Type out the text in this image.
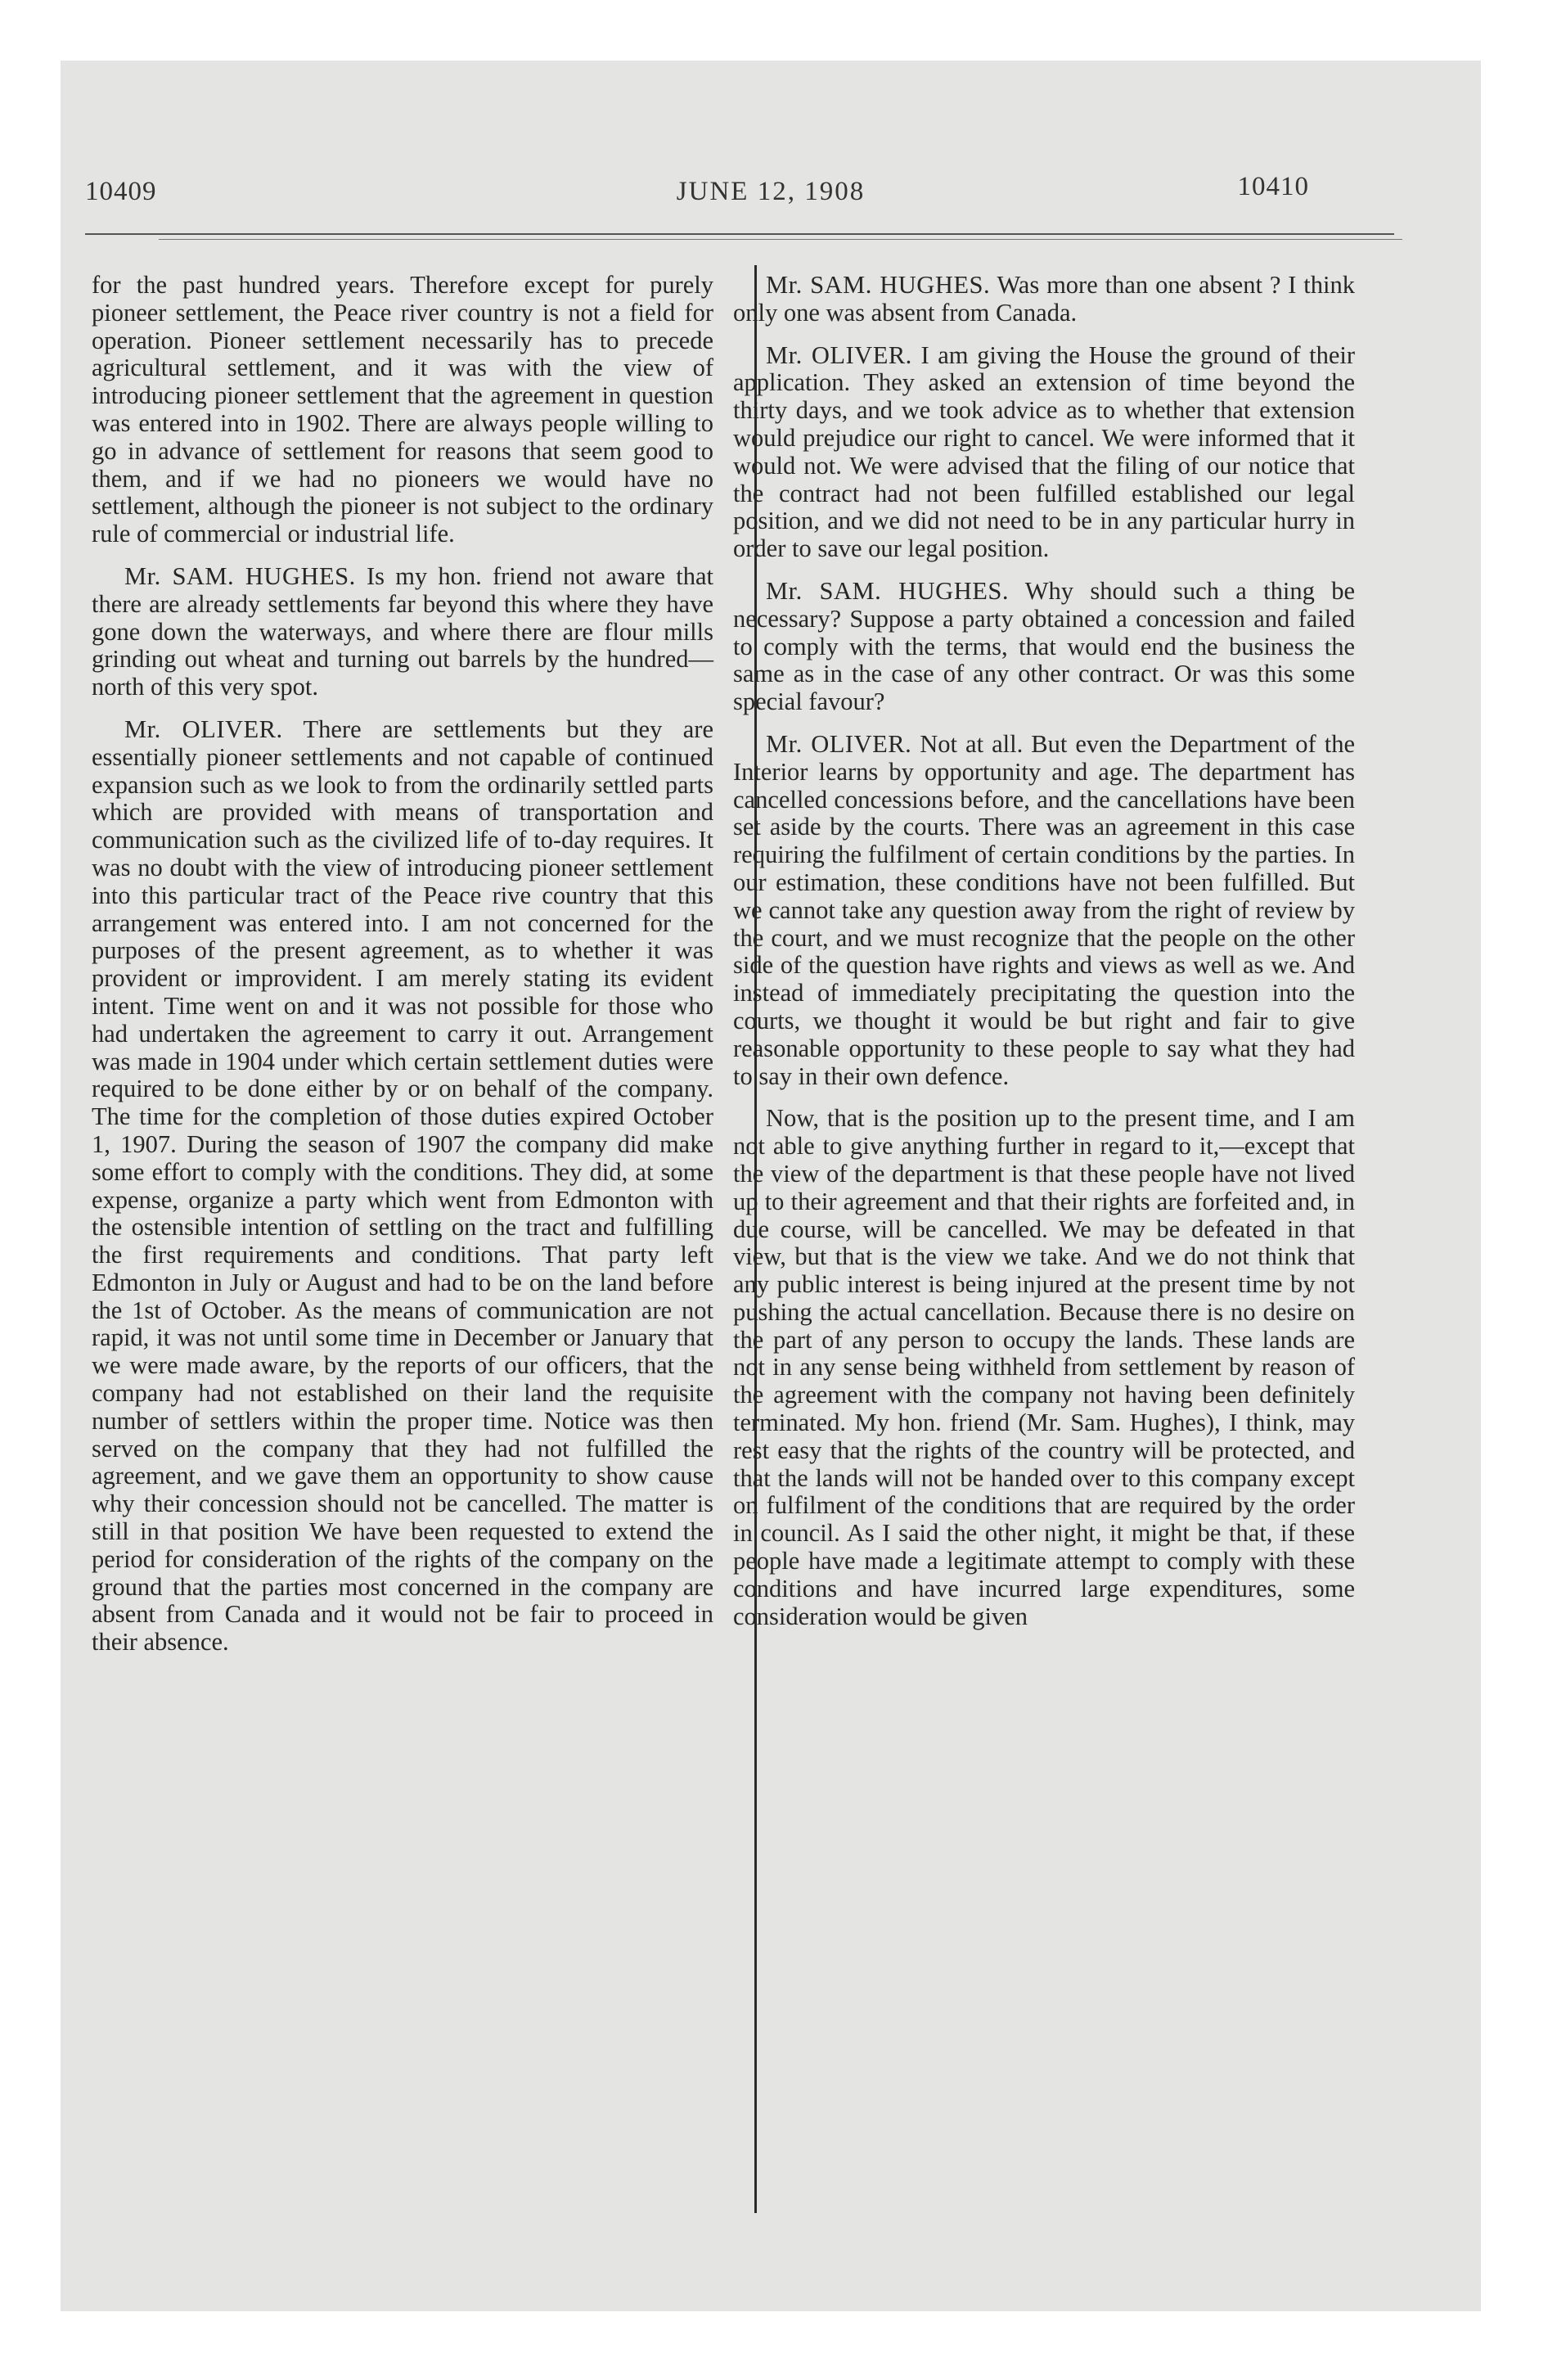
10409	JUNE 12, 1908	10410

for the past hundred years. Therefore except for purely pioneer settlement, the Peace river country is not a field for operation. Pioneer settlement necessarily has to precede agricultural settlement, and it was with the view of introducing pioneer settlement that the agreement in question was entered into in 1902. There are always people willing to go in advance of settlement for reasons that seem good to them, and if we had no pioneers we would have no settlement, although the pioneer is not subject to the ordinary rule of commercial or industrial life.

Mr. SAM. HUGHES. Is my hon. friend not aware that there are already settlements far beyond this where they have gone down the waterways, and where there are flour mills grinding out wheat and turning out barrels by the hundred—north of this very spot.

Mr. OLIVER. There are settlements but they are essentially pioneer settlements and not capable of continued expansion such as we look to from the ordinarily settled parts which are provided with means of transportation and communication such as the civilized life of to-day requires. It was no doubt with the view of introducing pioneer settlement into this particular tract of the Peace rive country that this arrangement was entered into. I am not concerned for the purposes of the present agreement, as to whether it was provident or improvident. I am merely stating its evident intent. Time went on and it was not possible for those who had undertaken the agreement to carry it out. Arrangement was made in 1904 under which certain settlement duties were required to be done either by or on behalf of the company. The time for the completion of those duties expired October 1, 1907. During the season of 1907 the company did make some effort to comply with the conditions. They did, at some expense, organize a party which went from Edmonton with the ostensible intention of settling on the tract and fulfilling the first requirements and conditions. That party left Edmonton in July or August and had to be on the land before the 1st of October. As the means of communication are not rapid, it was not until some time in December or January that we were made aware, by the reports of our officers, that the company had not established on their land the requisite number of settlers within the proper time. Notice was then served on the company that they had not fulfilled the agreement, and we gave them an opportunity to show cause why their concession should not be cancelled. The matter is still in that position We have been requested to extend the period for consideration of the rights of the company on the ground that the parties most concerned in the company are absent from Canada and it would not be fair to proceed in their absence.

Mr. SAM. HUGHES. Was more than one absent ? I think only one was absent from Canada.

Mr. OLIVER. I am giving the House the ground of their application. They asked an extension of time beyond the thirty days, and we took advice as to whether that extension would prejudice our right to cancel. We were informed that it would not. We were advised that the filing of our notice that the contract had not been fulfilled established our legal position, and we did not need to be in any particular hurry in order to save our legal position.

Mr. SAM. HUGHES. Why should such a thing be necessary? Suppose a party obtained a concession and failed to comply with the terms, that would end the business the same as in the case of any other contract. Or was this some special favour?

Mr. OLIVER. Not at all. But even the Department of the Interior learns by opportunity and age. The department has cancelled concessions before, and the cancellations have been set aside by the courts. There was an agreement in this case requiring the fulfilment of certain conditions by the parties. In our estimation, these conditions have not been fulfilled. But we cannot take any question away from the right of review by the court, and we must recognize that the people on the other side of the question have rights and views as well as we. And instead of immediately precipitating the question into the courts, we thought it would be but right and fair to give reasonable opportunity to these people to say what they had to say in their own defence.

Now, that is the position up to the present time, and I am not able to give anything further in regard to it,—except that the view of the department is that these people have not lived up to their agreement and that their rights are forfeited and, in due course, will be cancelled. We may be defeated in that view, but that is the view we take. And we do not think that any public interest is being injured at the present time by not pushing the actual cancellation. Because there is no desire on the part of any person to occupy the lands. These lands are not in any sense being withheld from settlement by reason of the agreement with the company not having been definitely terminated. My hon. friend (Mr. Sam. Hughes), I think, may rest easy that the rights of the country will be protected, and that the lands will not be handed over to this company except on fulfilment of the conditions that are required by the order in council. As I said the other night, it might be that, if these people have made a legitimate attempt to comply with these conditions and have incurred large expenditures, some consideration would be given
